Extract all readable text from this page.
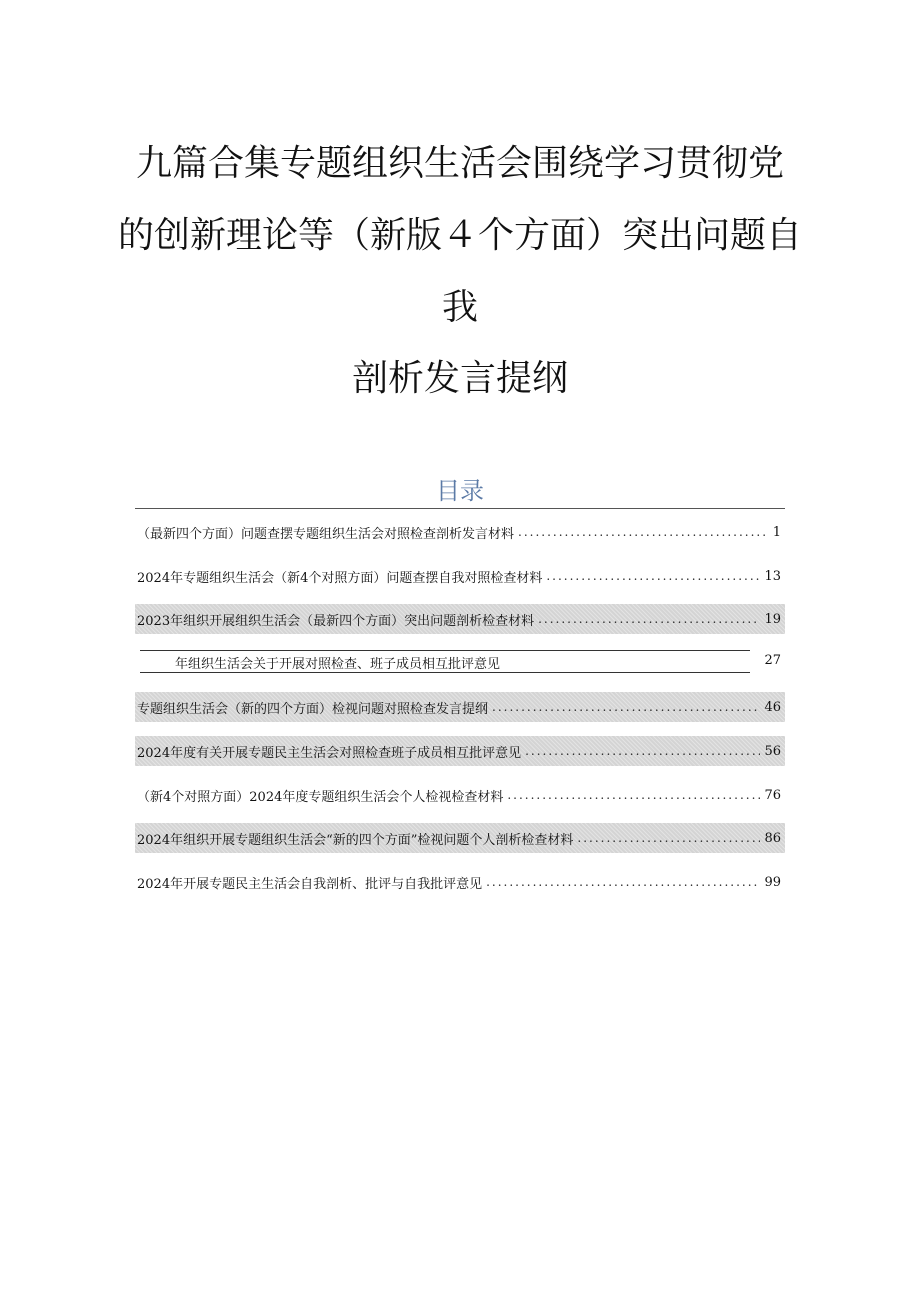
九篇合集专题组织生活会围绕学习贯彻党
的创新理论等（新版４个方面）突出问题自
我
剖析发言提纲
目录
（最新四个方面）问题查摆专题组织生活会对照检查剖析发言材料 .....	1
2024年专题组织生活会（新4个对照方面）问题查摆自我对照检查材料 .....	13
2023年组织开展组织生活会（最新四个方面）突出问题剖析检查材料 .....	19
年组织生活会关于开展对照检查、班子成员相互批评意见	27
专题组织生活会（新的四个方面）检视问题对照检查发言提纲 .....	46
2024年度有关开展专题民主生活会对照检查班子成员相互批评意见 .....	56
（新4个对照方面）2024年度专题组织生活会个人检视检查材料 .....	76
2024年组织开展专题组织生活会“新的四个方面”检视问题个人剖析检查材料 .....	86
2024年开展专题民主生活会自我剖析、批评与自我批评意见 .....	99
